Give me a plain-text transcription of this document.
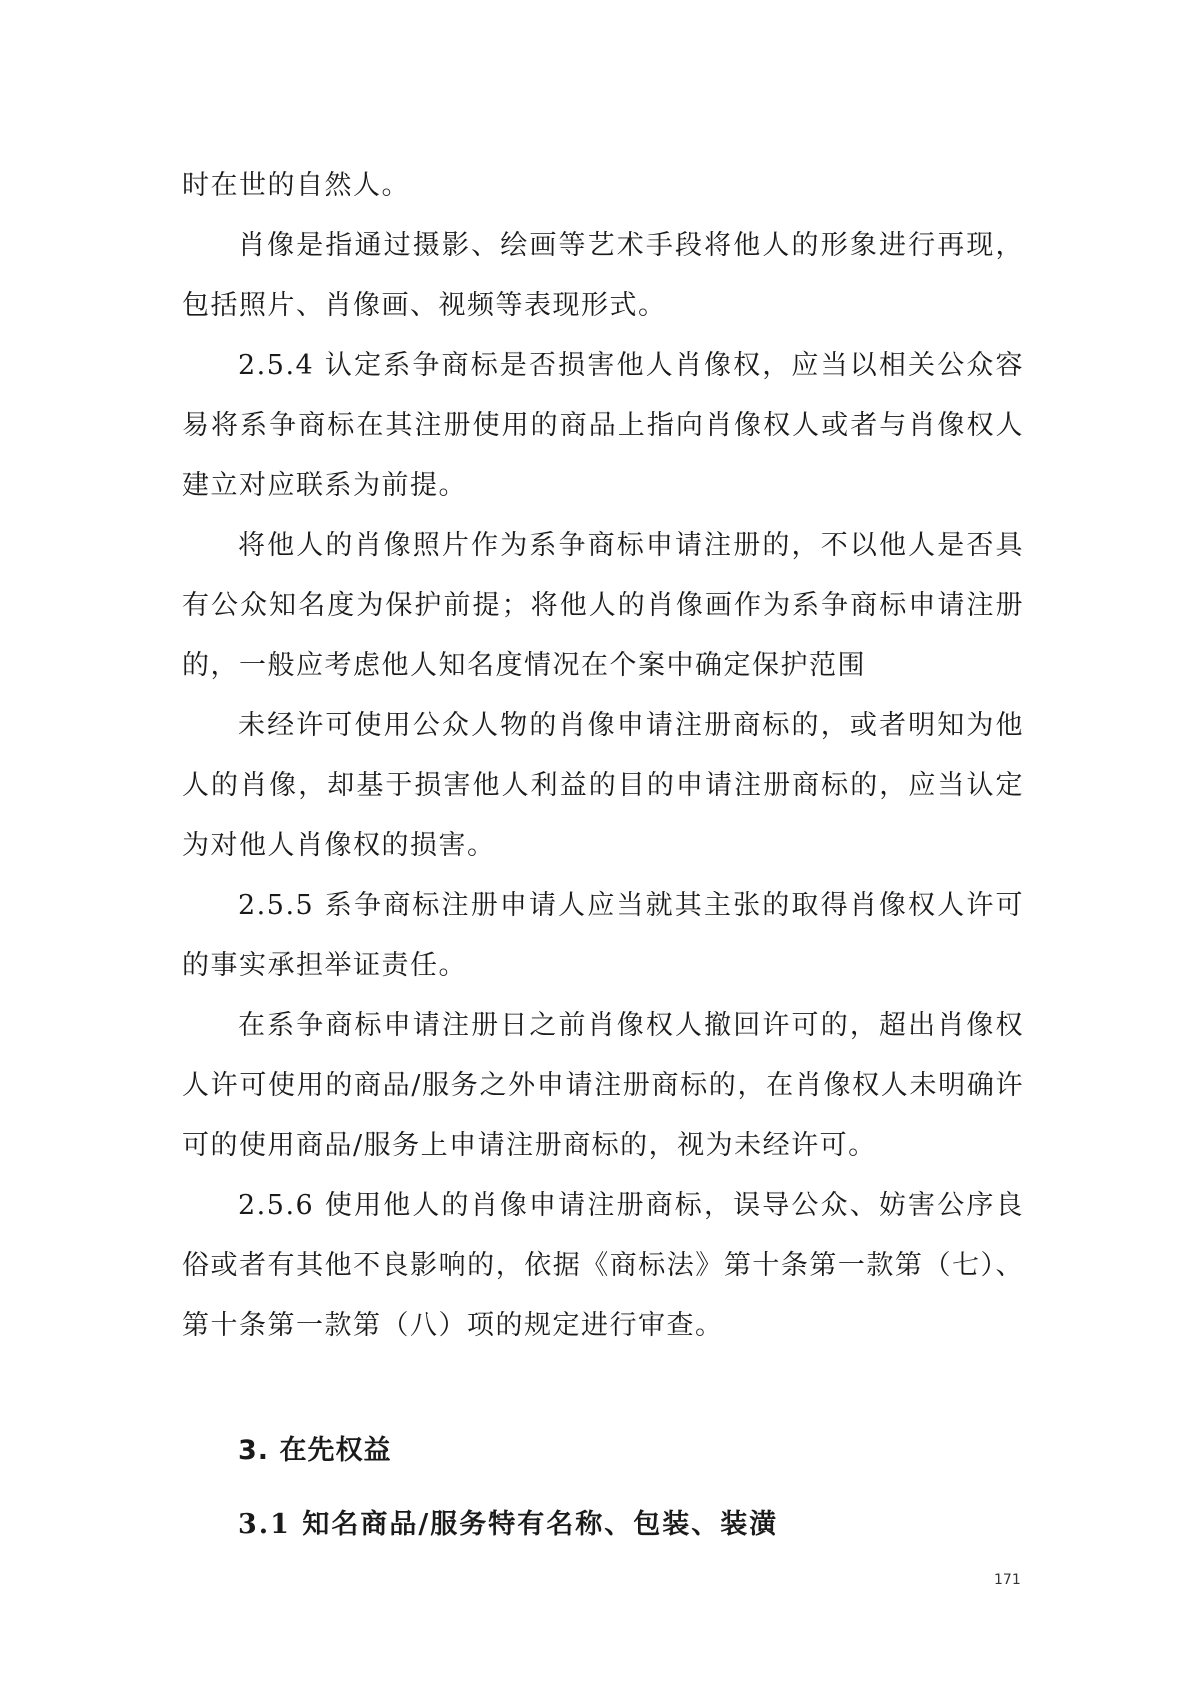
时在世的自然人。

肖像是指通过摄影、绘画等艺术手段将他人的形象进行再现，包括照片、肖像画、视频等表现形式。

2.5.4 认定系争商标是否损害他人肖像权，应当以相关公众容易将系争商标在其注册使用的商品上指向肖像权人或者与肖像权人建立对应联系为前提。

将他人的肖像照片作为系争商标申请注册的，不以他人是否具有公众知名度为保护前提；将他人的肖像画作为系争商标申请注册的，一般应考虑他人知名度情况在个案中确定保护范围

未经许可使用公众人物的肖像申请注册商标的，或者明知为他人的肖像，却基于损害他人利益的目的申请注册商标的，应当认定为对他人肖像权的损害。

2.5.5 系争商标注册申请人应当就其主张的取得肖像权人许可的事实承担举证责任。

在系争商标申请注册日之前肖像权人撤回许可的，超出肖像权人许可使用的商品/服务之外申请注册商标的，在肖像权人未明确许可的使用商品/服务上申请注册商标的，视为未经许可。

2.5.6 使用他人的肖像申请注册商标，误导公众、妨害公序良俗或者有其他不良影响的，依据《商标法》第十条第一款第（七）、第十条第一款第（八）项的规定进行审查。

3. 在先权益
3.1 知名商品/服务特有名称、包装、装潢
171
